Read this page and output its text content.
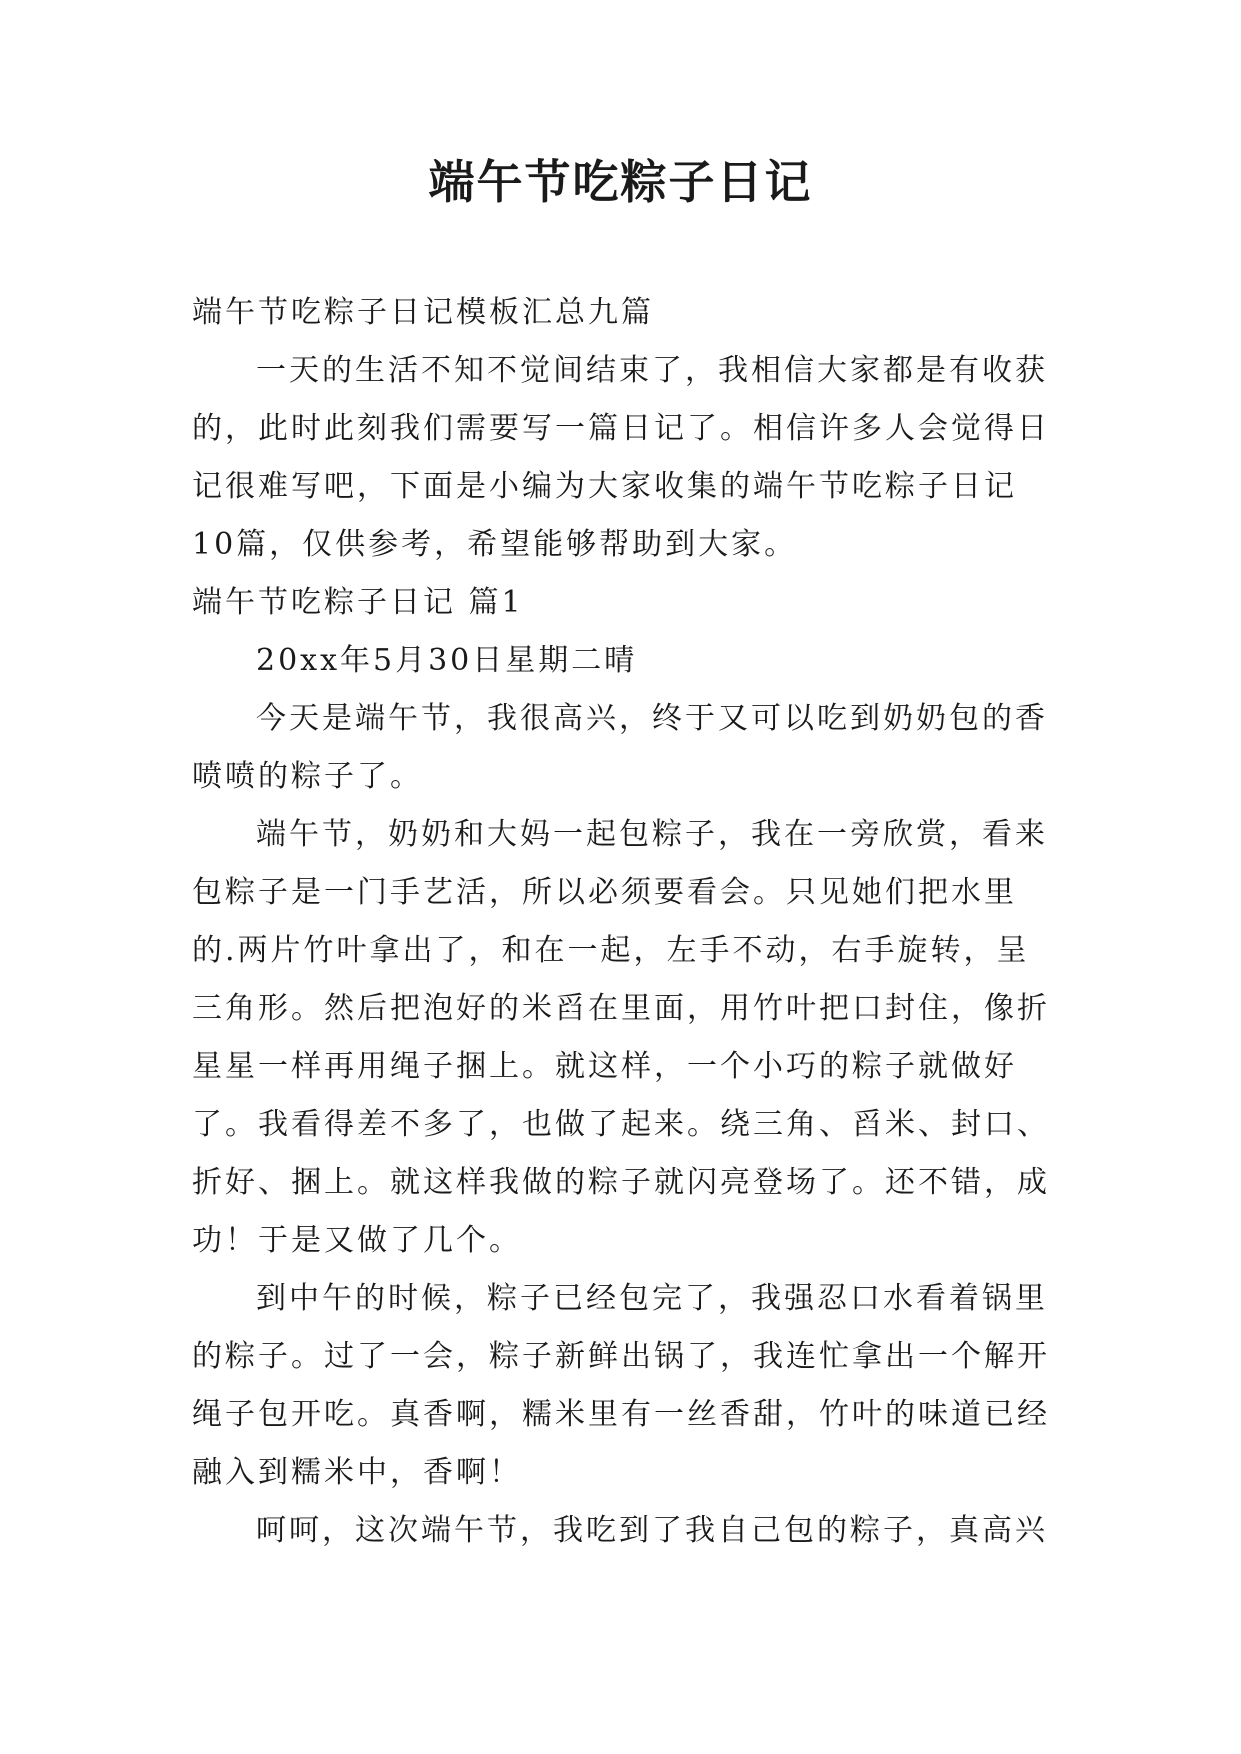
端午节吃粽子日记

端午节吃粽子日记模板汇总九篇

一天的生活不知不觉间结束了，我相信大家都是有收获的，此时此刻我们需要写一篇日记了。相信许多人会觉得日记很难写吧，下面是小编为大家收集的端午节吃粽子日记10篇，仅供参考，希望能够帮助到大家。

端午节吃粽子日记 篇1

20xx年5月30日星期二晴

今天是端午节，我很高兴，终于又可以吃到奶奶包的香喷喷的粽子了。

端午节，奶奶和大妈一起包粽子，我在一旁欣赏，看来包粽子是一门手艺活，所以必须要看会。只见她们把水里的.两片竹叶拿出了，和在一起，左手不动，右手旋转，呈三角形。然后把泡好的米舀在里面，用竹叶把口封住，像折星星一样再用绳子捆上。就这样，一个小巧的粽子就做好了。我看得差不多了，也做了起来。绕三角、舀米、封口、折好、捆上。就这样我做的粽子就闪亮登场了。还不错，成功！于是又做了几个。

到中午的时候，粽子已经包完了，我强忍口水看着锅里的粽子。过了一会，粽子新鲜出锅了，我连忙拿出一个解开绳子包开吃。真香啊，糯米里有一丝香甜，竹叶的味道已经融入到糯米中，香啊！

呵呵，这次端午节，我吃到了我自己包的粽子，真高兴
